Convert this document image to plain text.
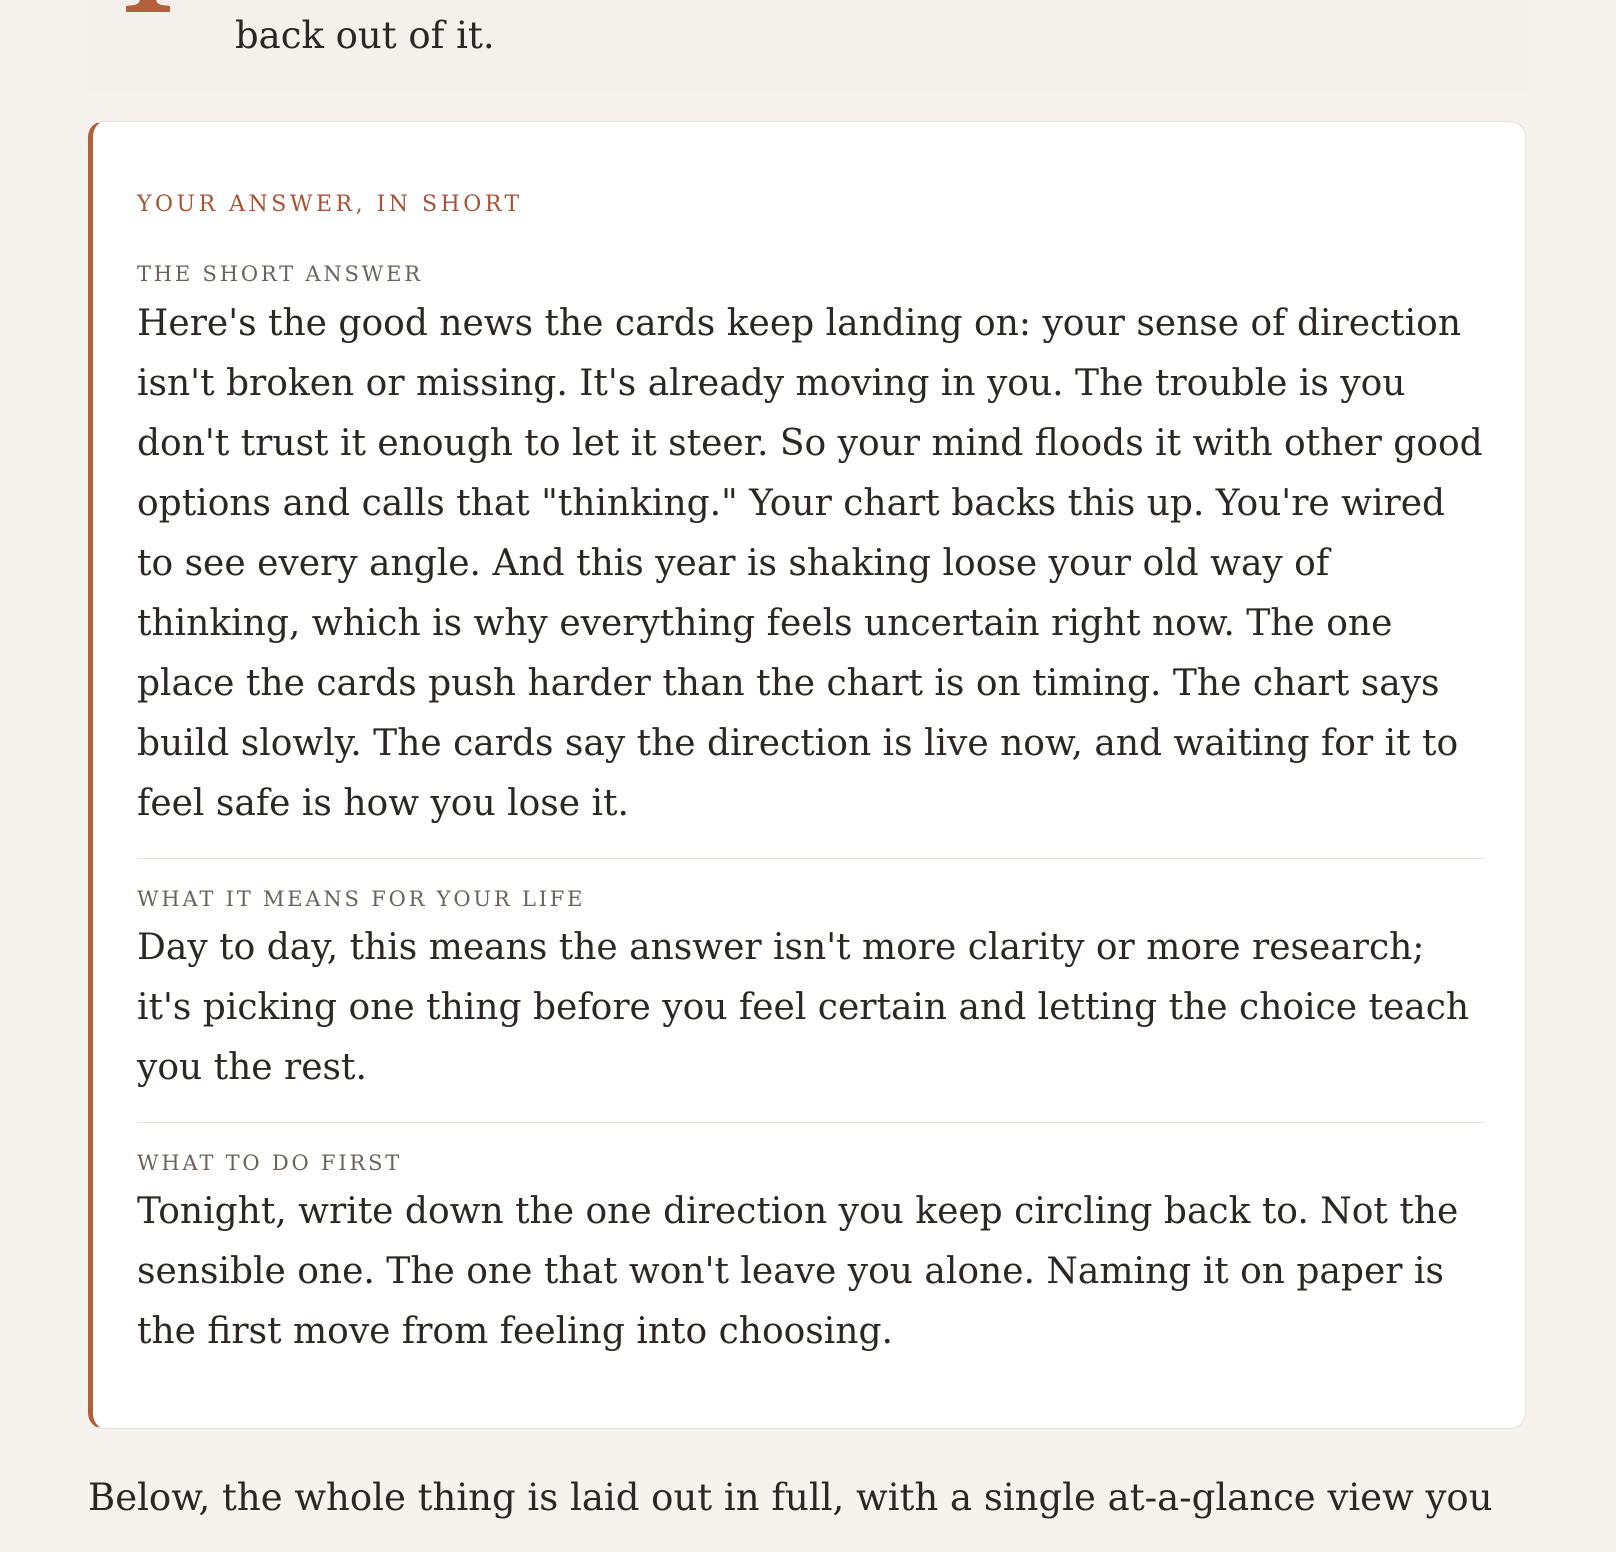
back out of it.

YOUR ANSWER, IN SHORT
THE SHORT ANSWER

Here's the good news the cards keep landing on: your sense of direction isn't broken or missing. It's already moving in you. The trouble is you don't trust it enough to let it steer. So your mind floods it with other good options and calls that "thinking." Your chart backs this up. You're wired to see every angle. And this year is shaking loose your old way of thinking, which is why everything feels uncertain right now. The one place the cards push harder than the chart is on timing. The chart says build slowly. The cards say the direction is live now, and waiting for it to feel safe is how you lose it.

WHAT IT MEANS FOR YOUR LIFE

Day to day, this means the answer isn't more clarity or more research; it's picking one thing before you feel certain and letting the choice teach you the rest.

WHAT TO DO FIRST

Tonight, write down the one direction you keep circling back to. Not the sensible one. The one that won't leave you alone. Naming it on paper is the first move from feeling into choosing.

Below, the whole thing is laid out in full, with a single at-a-glance view you
